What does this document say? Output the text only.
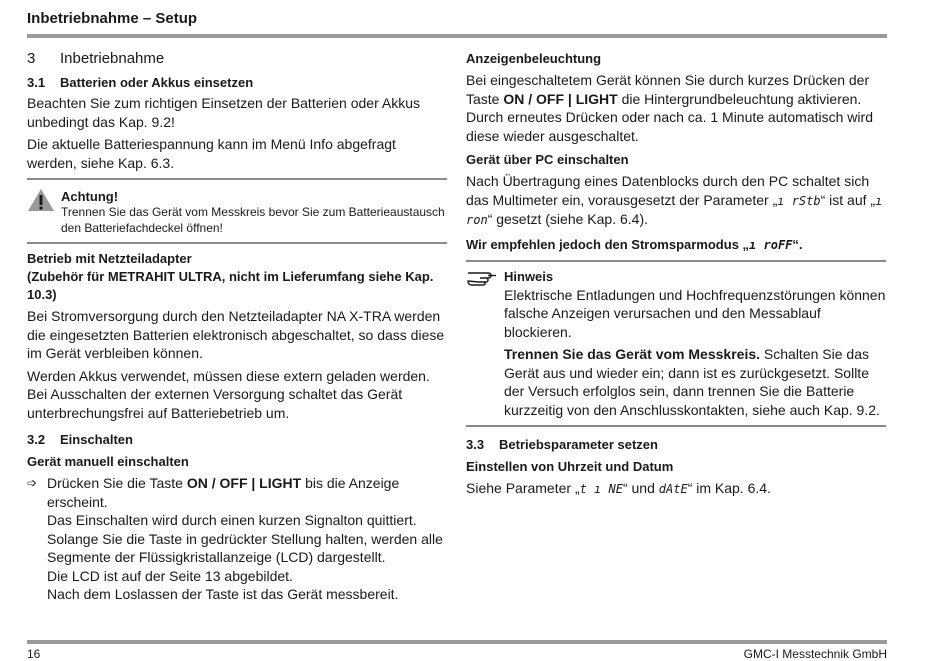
Inbetriebnahme – Setup
3 Inbetriebnahme
3.1 Batterien oder Akkus einsetzen

Beachten Sie zum richtigen Einsetzen der Batterien oder Akkus unbedingt das Kap. 9.2!

Die aktuelle Batteriespannung kann im Menü Info abgefragt werden, siehe Kap. 6.3.

Achtung!
Trennen Sie das Gerät vom Messkreis bevor Sie zum Batterieaustausch den Batteriefachdeckel öffnen!
Betrieb mit Netzteiladapter
(Zubehör für METRAHIT ULTRA, nicht im Lieferumfang siehe Kap. 10.3)

Bei Stromversorgung durch den Netzteiladapter NA X-TRA werden die eingesetzten Batterien elektronisch abgeschaltet, so dass diese im Gerät verbleiben können.

Werden Akkus verwendet, müssen diese extern geladen werden. Bei Ausschalten der externen Versorgung schaltet das Gerät unterbrechungsfrei auf Batteriebetrieb um.

3.2 Einschalten
Gerät manuell einschalten
➩ Drücken Sie die Taste ON / OFF | LIGHT bis die Anzeige erscheint.
Das Einschalten wird durch einen kurzen Signalton quittiert.
Solange Sie die Taste in gedrückter Stellung halten, werden alle Segmente der Flüssigkristallanzeige (LCD) dargestellt.
Die LCD ist auf der Seite 13 abgebildet.
Nach dem Loslassen der Taste ist das Gerät messbereit.
Anzeigenbeleuchtung

Bei eingeschaltetem Gerät können Sie durch kurzes Drücken der Taste ON / OFF | LIGHT die Hintergrundbeleuchtung aktivieren. Durch erneutes Drücken oder nach ca. 1 Minute automatisch wird diese wieder ausgeschaltet.

Gerät über PC einschalten

Nach Übertragung eines Datenblocks durch den PC schaltet sich das Multimeter ein, vorausgesetzt der Parameter „ı rStb“ ist auf „ı ron“ gesetzt (siehe Kap. 6.4).

Wir empfehlen jedoch den Stromsparmodus „ı roFF“.
Hinweis

Elektrische Entladungen und Hochfrequenzstörungen können falsche Anzeigen verursachen und den Messablauf blockieren.

Trennen Sie das Gerät vom Messkreis. Schalten Sie das Gerät aus und wieder ein; dann ist es zurückgesetzt. Sollte der Versuch erfolglos sein, dann trennen Sie die Batterie kurzzeitig von den Anschlusskontakten, siehe auch Kap. 9.2.

3.3 Betriebsparameter setzen
Einstellen von Uhrzeit und Datum

Siehe Parameter „t ı NE“ und dAtE“ im Kap. 6.4.

16	GMC-I Messtechnik GmbH
